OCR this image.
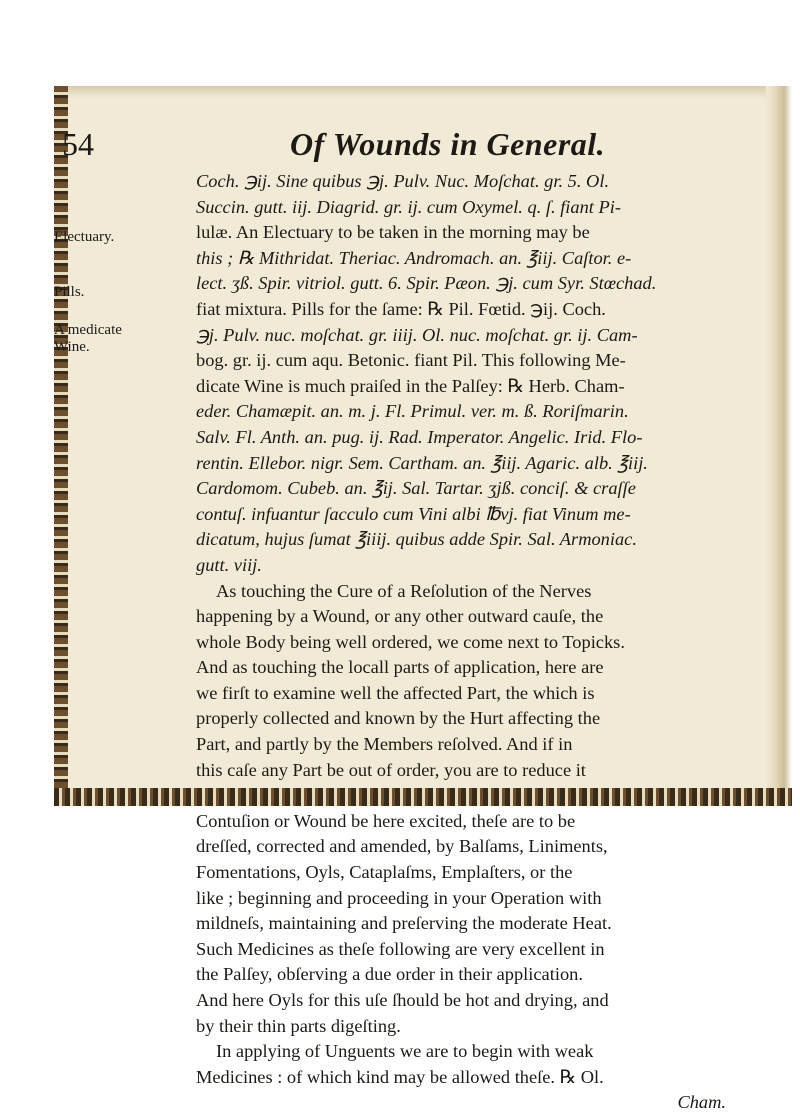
54	Of Wounds in General.
Electuary.
Pills.
A medicate Wine.
Coch. ℈ij. Sine quibus ℈j. Pulv. Nuc. Moſchat. gr. 5. Ol.
Succin. gutt. iij. Diagrid. gr. ij. cum Oxymel. q. ſ. fiant Pi-
lulæ. An Electuary to be taken in the morning may be
this ; ℞ Mithridat. Theriac. Andromach. an. ℥iij. Caſtor. e-
lect. ʒß. Spir. vitriol. gutt. 6. Spir. Pæon. ℈j. cum Syr. Stœchad.
fiat mixtura. Pills for the ſame: ℞ Pil. Fœtid. ℈ij. Coch.
℈j. Pulv. nuc. moſchat. gr. iiij. Ol. nuc. moſchat. gr. ij. Cam-
bog. gr. ij. cum aqu. Betonic. fiant Pil. This following Me-
dicate Wine is much praiſed in the Palſey: ℞ Herb. Cham-
eder. Chamæpit. an. m. j. Fl. Primul. ver. m. ß. Roriſmarin.
Salv. Fl. Anth. an. pug. ij. Rad. Imperator. Angelic. Irid. Flo-
rentin. Ellebor. nigr. Sem. Cartham. an. ℥iij. Agaric. alb. ℥iij.
Cardomom. Cubeb. an. ℥ij. Sal. Tartar. ʒjß. conciſ. & craſſe
contuſ. infuantur ſacculo cum Vini albi ℔vj. fiat Vinum me-
dicatum, hujus ſumat ℥iiij. quibus adde Spir. Sal. Armoniac.
gutt. viij.
As touching the Cure of a Reſolution of the Nerves
happening by a Wound, or any other outward cauſe, the
whole Body being well ordered, we come next to Topicks.
And as touching the locall parts of application, here are
we firſt to examine well the affected Part, the which is
properly collected and known by the Hurt affecting the
Part, and partly by the Members reſolved. And if in
this caſe any Part be out of order, you are to reduce it
Contuſion or Wound be here excited, theſe are to be
dreſſed, corrected and amended, by Balſams, Liniments,
Fomentations, Oyls, Cataplaſms, Emplaſters, or the
like ; beginning and proceeding in your Operation with
mildneſs, maintaining and preſerving the moderate Heat.
Such Medicines as theſe following are very excellent in
the Palſey, obſerving a due order in their application.
And here Oyls for this uſe ſhould be hot and drying, and
by their thin parts digeſting.
In applying of Unguents we are to begin with weak
Medicines : of which kind may be allowed theſe. ℞ Ol.
Cham.
